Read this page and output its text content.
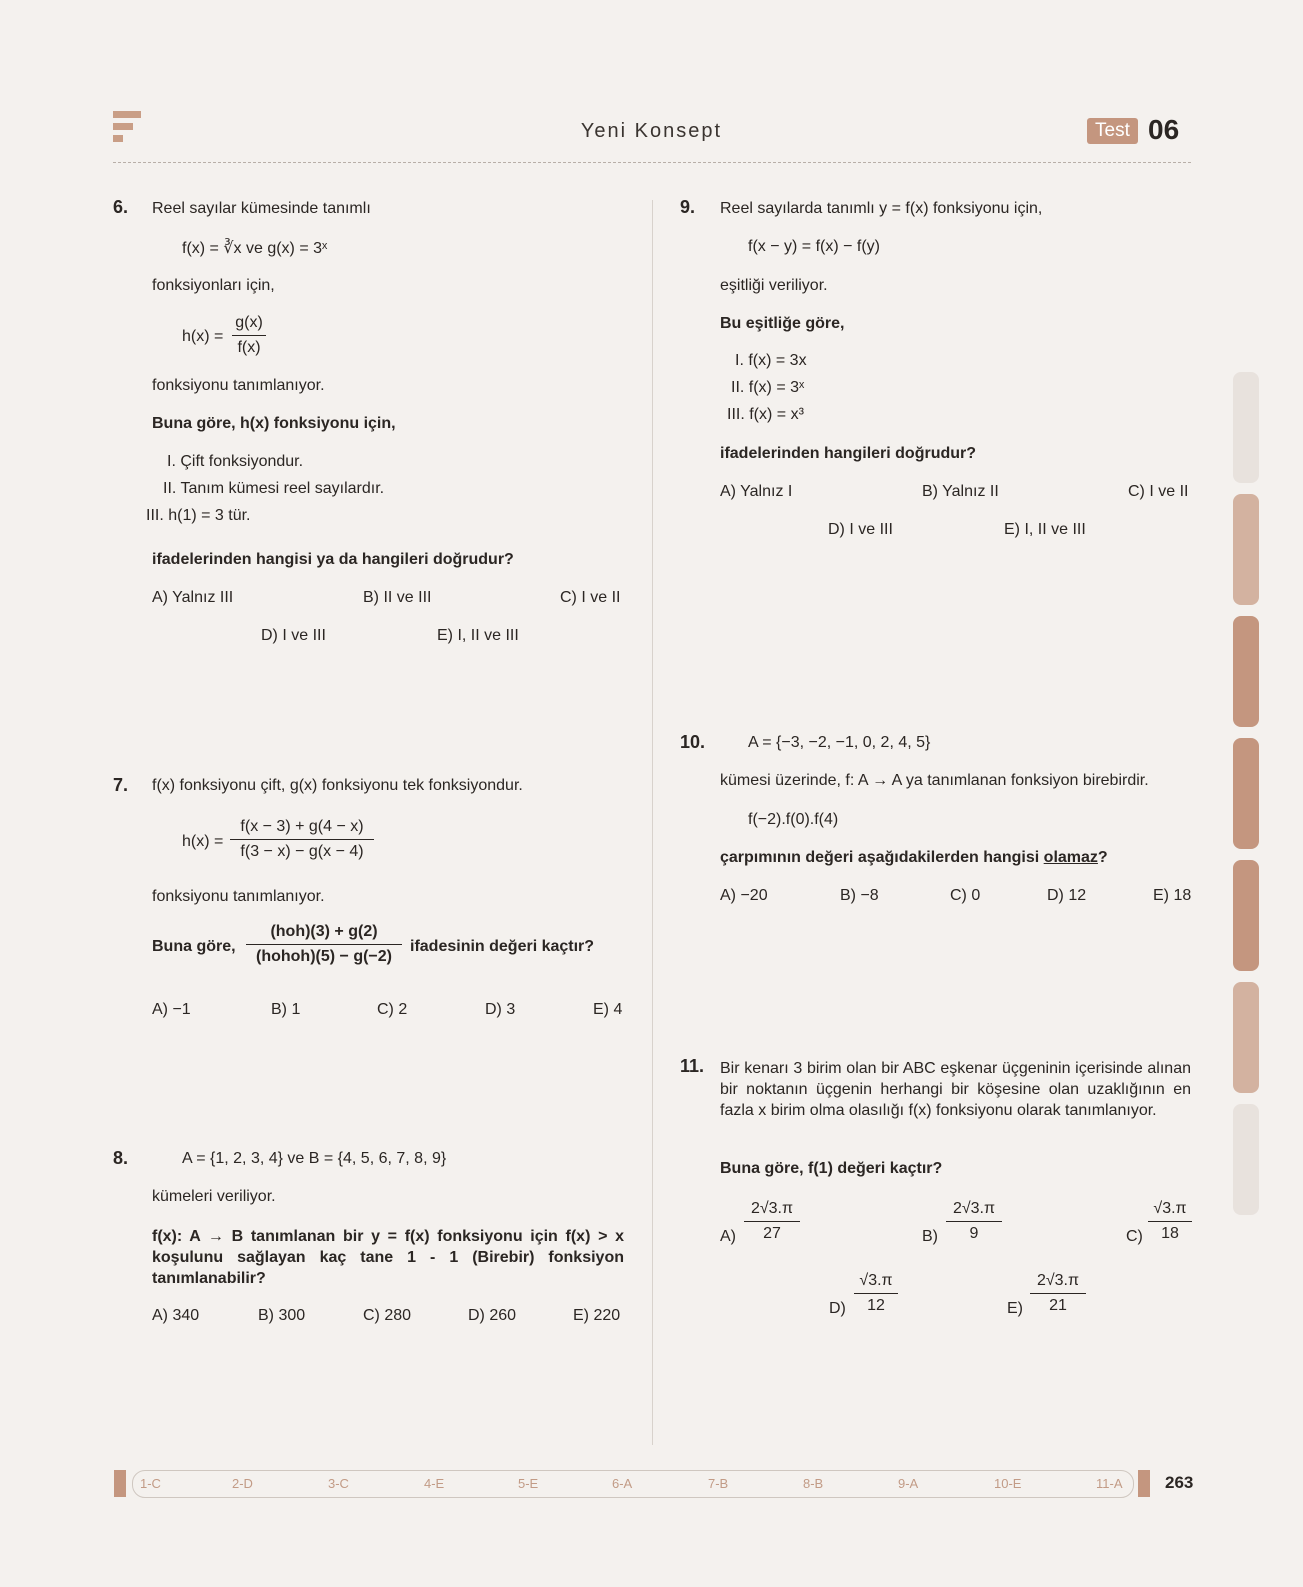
Yeni Konsept	Test 06
6. Reel sayılar kümesinde tanımlı
f(x) = ∛x ve g(x) = 3ˣ
fonksiyonları için,
$h(x) = \frac{g(x)}{f(x)}$
fonksiyonu tanımlanıyor.
Buna göre, h(x) fonksiyonu için,
I. Çift fonksiyondur.
II. Tanım kümesi reel sayılardır.
III. h(1) = 3 tür.
ifadelerinden hangisi ya da hangileri doğrudur?
A) Yalnız III	B) II ve III	C) I ve II
D) I ve III	E) I, II ve III
7. f(x) fonksiyonu çift, g(x) fonksiyonu tek fonksiyondur.
$h(x) = \frac{f(x - 3) + g(4 - x)}{f(3 - x) - g(x - 4)}$
fonksiyonu tanımlanıyor.
Buna göre,
(hoh)(3) + g(2)
(hohoh)(5) − g(−2)
ifadesinin değeri kaçtır?
A) −1	B) 1	C) 2	D) 3	E) 4
8.	A = {1, 2, 3, 4} ve B = {4, 5, 6, 7, 8, 9}
kümeleri veriliyor.
f(x): A → B tanımlanan bir y = f(x) fonksiyonu için f(x) > x koşulunu sağlayan kaç tane 1 - 1 (Birebir) fonksiyon tanımlanabilir?
A) 340	B) 300	C) 280	D) 260	E) 220
9. Reel sayılarda tanımlı y = f(x) fonksiyonu için,
f(x − y) = f(x) − f(y)
eşitliği veriliyor.
Bu eşitliğe göre,
I. f(x) = 3x
II. f(x) = 3ˣ
III. f(x) = x³
ifadelerinden hangileri doğrudur?
A) Yalnız I	B) Yalnız II	C) I ve II
D) I ve III	E) I, II ve III
10.	A = {−3, −2, −1, 0, 2, 4, 5}
kümesi üzerinde, f: A → A ya tanımlanan fonksiyon birebirdir.
f(−2).f(0).f(4)
çarpımının değeri aşağıdakilerden hangisi olamaz?
A) −20	B) −8	C) 0	D) 12	E) 18
11. Bir kenarı 3 birim olan bir ABC eşkenar üçgeninin içerisinde alınan bir noktanın üçgenin herhangi bir köşesine olan uzaklığının en fazla x birim olma olasılığı f(x) fonksiyonu olarak tanımlanıyor.
Buna göre, f(1) değeri kaçtır?
$A) \frac{2√3.\pi}{27}$	$B) \frac{2√3.\pi}{9}$	$C) \frac{√3.\pi}{18}$
$D) \frac{√3.\pi}{12}$	$E) \frac{2√3.\pi}{21}$
1-C	2-D	3-C	4-E	5-E	6-A	7-B	8-B	9-A	10-E	11-A	263
